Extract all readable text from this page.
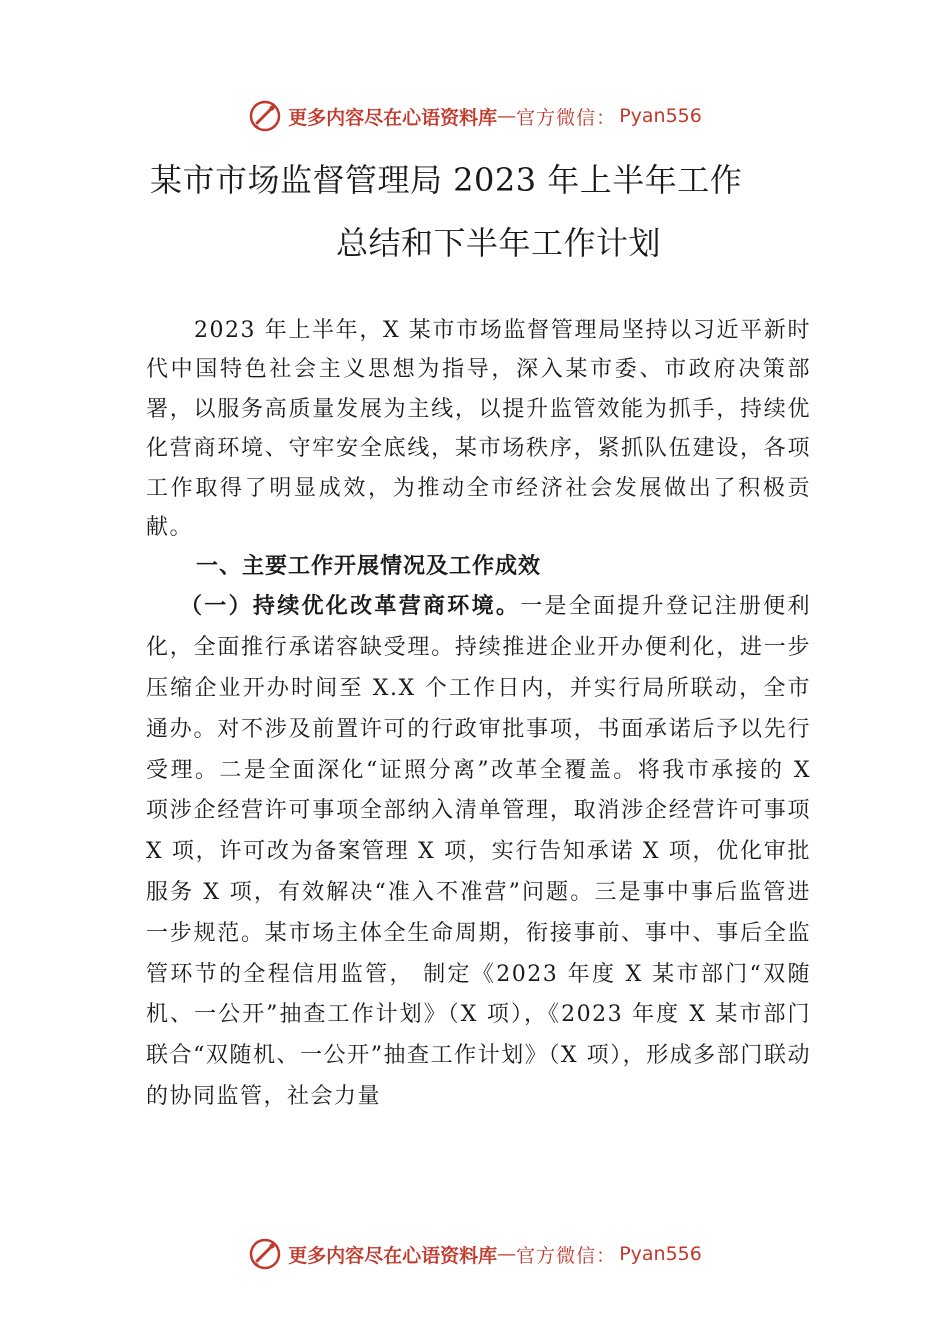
更多内容尽在心语资料库 — 官方微信 ： Pyan556
某市市场监督管理局 2023 年上半年工作
总结和下半年工作计划

2023 年上半年，X 某市市场监督管理局坚持以习近平新时代中国特色社会主义思想为指导，深入某市委、市政府决策部署，以服务高质量发展为主线，以提升监管效能为抓手，持续优化营商环境、守牢安全底线，某市场秩序，紧抓队伍建设，各项工作取得了明显成效，为推动全市经济社会发展做出了积极贡献。

一、主要工作开展情况及工作成效

（一）持续优化改革营商环境。一是全面提升登记注册便利化，全面推行承诺容缺受理。持续推进企业开办便利化，进一步压缩企业开办时间至 X.X 个工作日内，并实行局所联动，全市通办。对不涉及前置许可的行政审批事项，书面承诺后予以先行受理。二是全面深化“证照分离”改革全覆盖。将我市承接的 X 项涉企经营许可事项全部纳入清单管理，取消涉企经营许可事项 X 项，许可改为备案管理 X 项，实行告知承诺 X 项，优化审批服务 X 项，有效解决“准入不准营”问题。三是事中事后监管进一步规范。某市场主体全生命周期，衔接事前、事中、事后全监管环节的全程信用监管， 制定《2023 年度 X 某市部门“双随机、一公开”抽查工作计划》（X 项），《2023 年度 X 某市部门联合“双随机、一公开”抽查工作计划》（X 项），形成多部门联动的协同监管，社会力量

更多内容尽在心语资料库 — 官方微信 ： Pyan556
